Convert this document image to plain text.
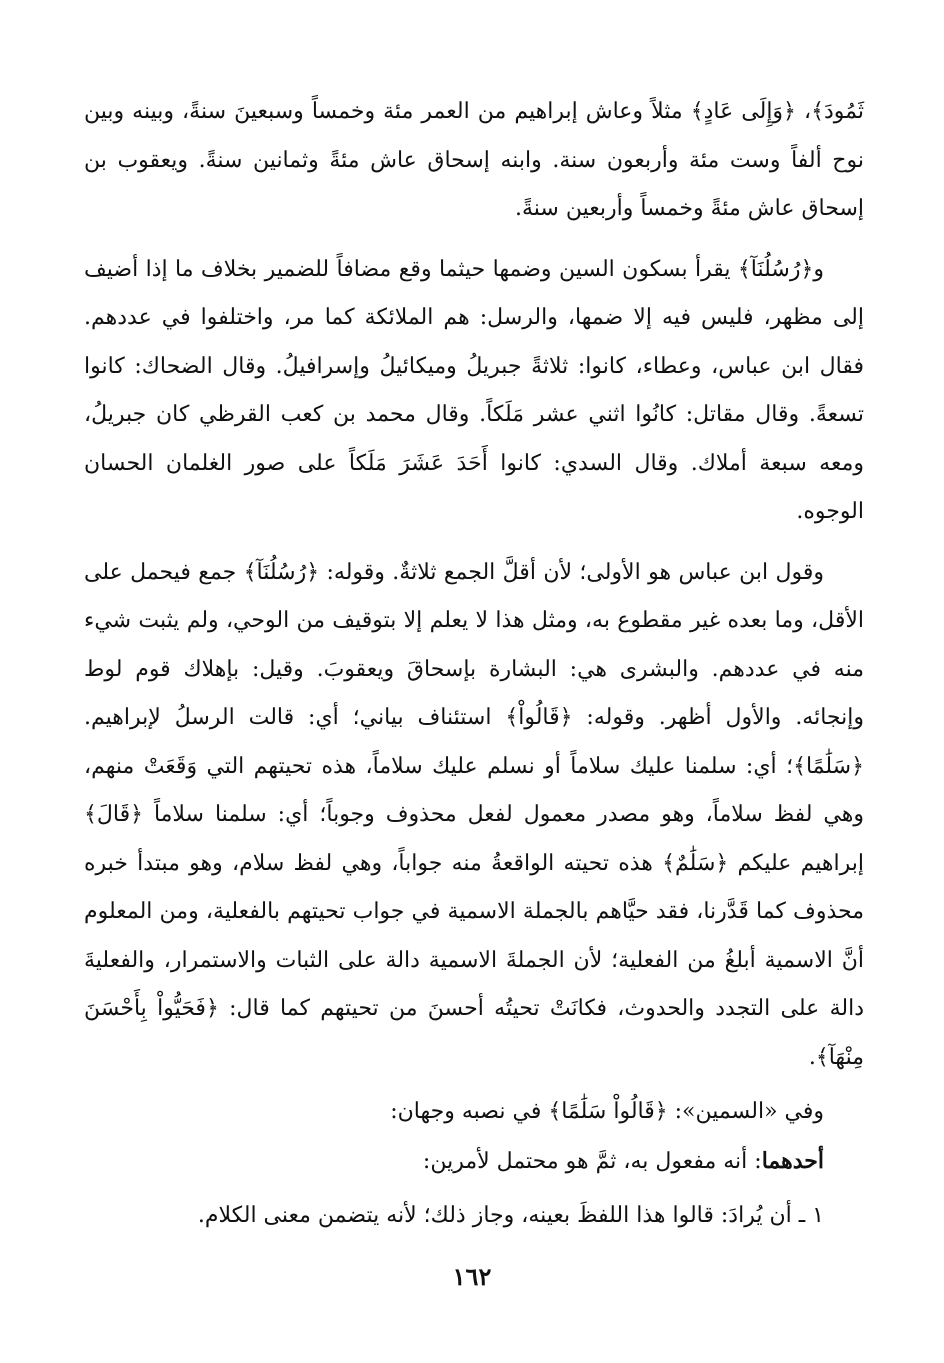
ثَمُودَ﴾، ﴿وَإِلَى عَادٍ﴾ مثلاً وعاش إبراهيم من العمر مئة وخمساً وسبعينَ سنةً، وبينه وبين نوح ألفاً وست مئة وأربعون سنة. وابنه إسحاق عاش مئةً وثمانين سنةً. ويعقوب بن إسحاق عاش مئةً وخمساً وأربعين سنةً.

و﴿رُسُلُنَآ﴾ يقرأ بسكون السين وضمها حيثما وقع مضافاً للضمير بخلاف ما إذا أضيف إلى مظهر، فليس فيه إلا ضمها، والرسل: هم الملائكة كما مر، واختلفوا في عددهم. فقال ابن عباس، وعطاء، كانوا: ثلاثةً جبريلُ وميكائيلُ وإسرافيلُ. وقال الضحاك: كانوا تسعةً. وقال مقاتل: كانُوا اثني عشر مَلَكاً. وقال محمد بن كعب القرظي كان جبريلُ، ومعه سبعة أملاك. وقال السدي: كانوا أَحَدَ عَشَرَ مَلَكاً على صور الغلمان الحسان الوجوه.

وقول ابن عباس هو الأولى؛ لأن أقلَّ الجمع ثلاثةٌ. وقوله: ﴿رُسُلُنَآ﴾ جمع فيحمل على الأقل، وما بعده غير مقطوع به، ومثل هذا لا يعلم إلا بتوقيف من الوحي، ولم يثبت شيء منه في عددهم. والبشرى هي: البشارة بإسحاقَ ويعقوبَ. وقيل: بإهلاك قوم لوط وإنجائه. والأول أظهر. وقوله: ﴿قَالُواْ﴾ استئناف بياني؛ أي: قالت الرسلُ لإبراهيم. ﴿سَلَٰمًا﴾؛ أي: سلمنا عليك سلاماً أو نسلم عليك سلاماً، هذه تحيتهم التي وَقَعَتْ منهم، وهي لفظ سلاماً، وهو مصدر معمول لفعل محذوف وجوباً؛ أي: سلمنا سلاماً ﴿قَالَ﴾ إبراهيم عليكم ﴿سَلَٰمٌ﴾ هذه تحيته الواقعةُ منه جواباً، وهي لفظ سلام، وهو مبتدأ خبره محذوف كما قَدَّرنا، فقد حيَّاهم بالجملة الاسمية في جواب تحيتهم بالفعلية، ومن المعلوم أنَّ الاسمية أبلغُ من الفعلية؛ لأن الجملةَ الاسمية دالة على الثبات والاستمرار، والفعليةَ دالة على التجدد والحدوث، فكانَتْ تحيتُه أحسنَ من تحيتهم كما قال: ﴿فَحَيُّواْ بِأَحْسَنَ مِنْهَآ﴾.

وفي «السمين»: ﴿قَالُواْ سَلَٰمًا﴾ في نصبه وجهان:

أحدهما: أنه مفعول به، ثمَّ هو محتمل لأمرين:

١ ـ أن يُرادَ: قالوا هذا اللفظَ بعينه، وجاز ذلك؛ لأنه يتضمن معنى الكلام.

١٦٢
